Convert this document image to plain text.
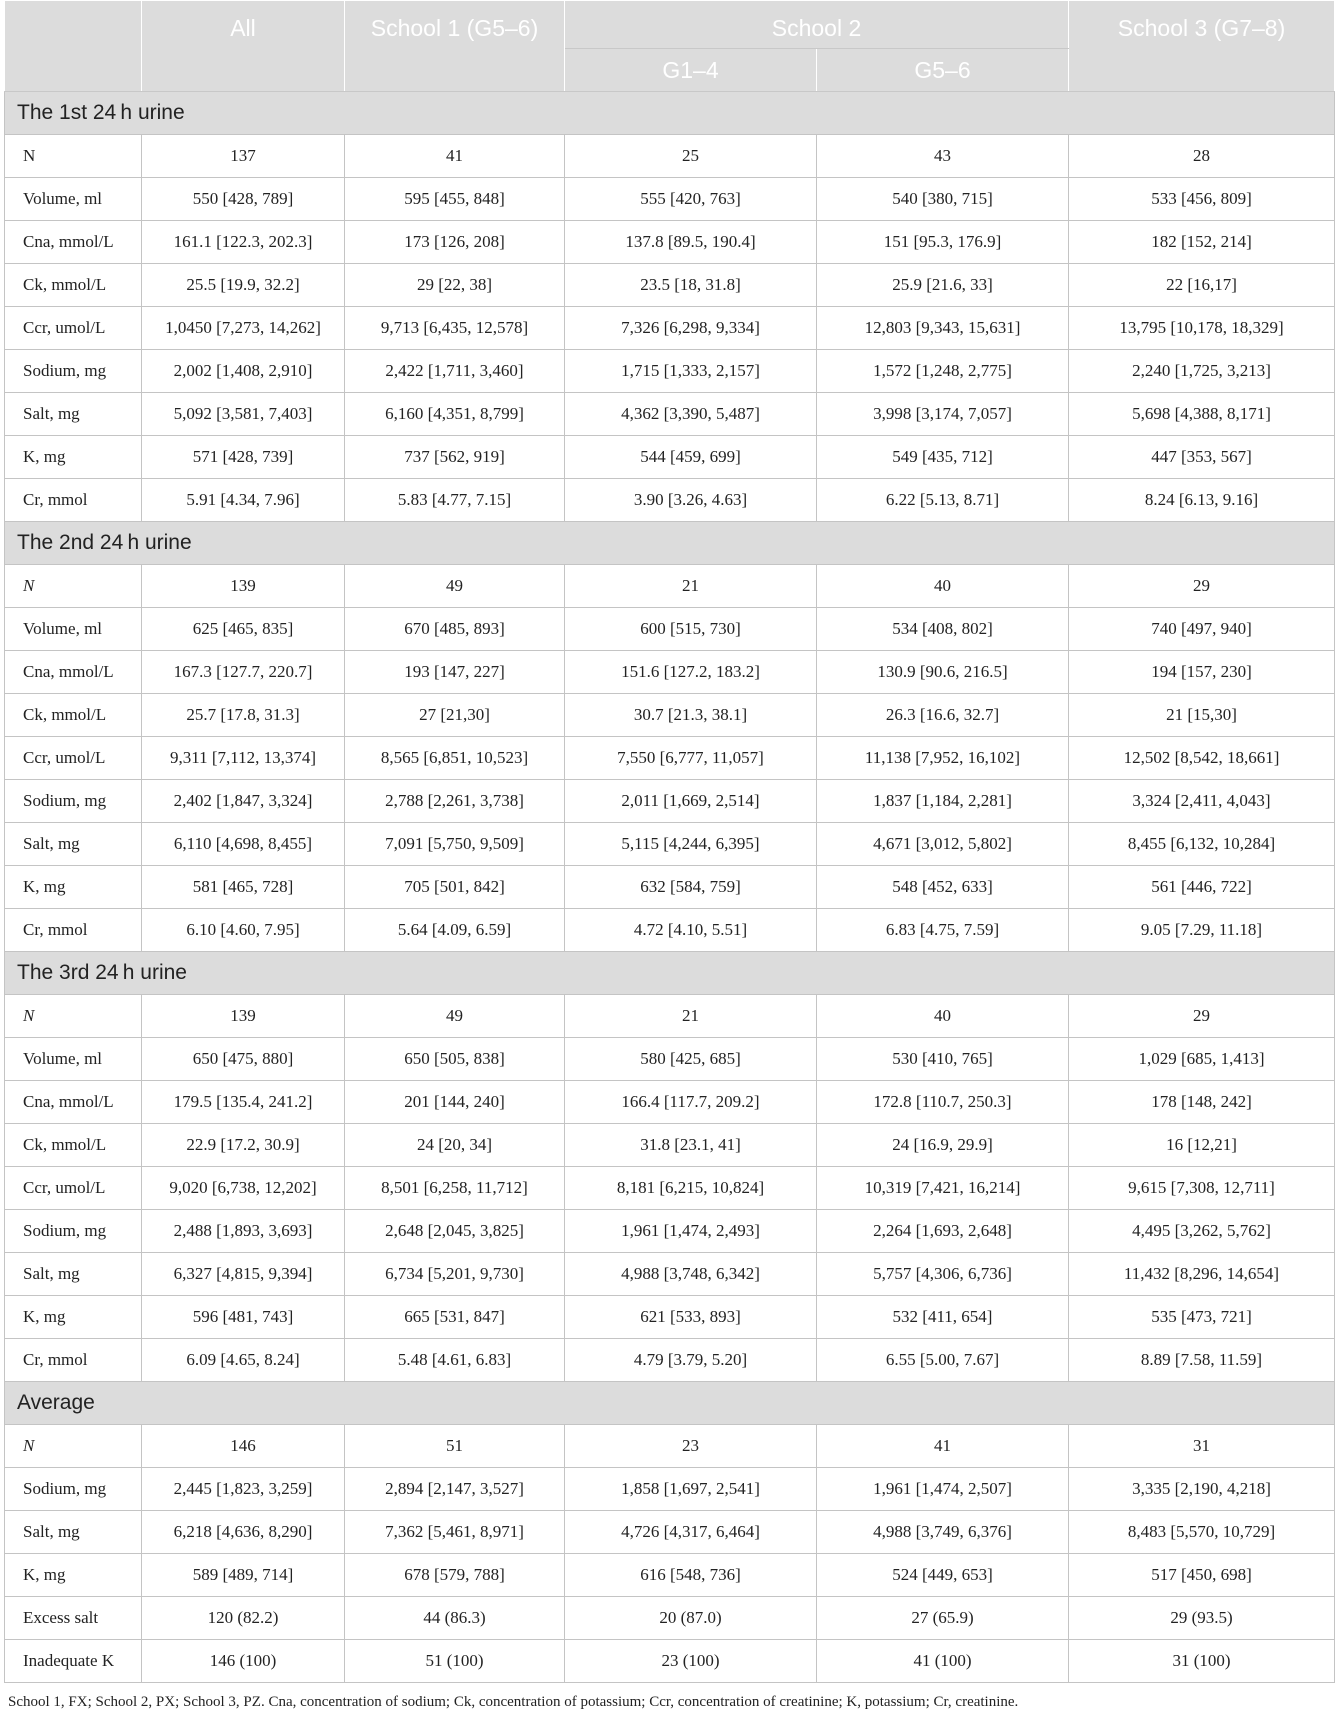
	All	School 1 (G5–6)	School 2		School 3 (G7–8)
			G1–4	G5–6	
The 1st 24 h urine					
N	137	41	25	43	28
Volume, ml	550 [428, 789]	595 [455, 848]	555 [420, 763]	540 [380, 715]	533 [456, 809]
Cna, mmol/L	161.1 [122.3, 202.3]	173 [126, 208]	137.8 [89.5, 190.4]	151 [95.3, 176.9]	182 [152, 214]
Ck, mmol/L	25.5 [19.9, 32.2]	29 [22, 38]	23.5 [18, 31.8]	25.9 [21.6, 33]	22 [16,17]
Ccr, umol/L	1,0450 [7,273, 14,262]	9,713 [6,435, 12,578]	7,326 [6,298, 9,334]	12,803 [9,343, 15,631]	13,795 [10,178, 18,329]
Sodium, mg	2,002 [1,408, 2,910]	2,422 [1,711, 3,460]	1,715 [1,333, 2,157]	1,572 [1,248, 2,775]	2,240 [1,725, 3,213]
Salt, mg	5,092 [3,581, 7,403]	6,160 [4,351, 8,799]	4,362 [3,390, 5,487]	3,998 [3,174, 7,057]	5,698 [4,388, 8,171]
K, mg	571 [428, 739]	737 [562, 919]	544 [459, 699]	549 [435, 712]	447 [353, 567]
Cr, mmol	5.91 [4.34, 7.96]	5.83 [4.77, 7.15]	3.90 [3.26, 4.63]	6.22 [5.13, 8.71]	8.24 [6.13, 9.16]
The 2nd 24 h urine					
N	139	49	21	40	29
Volume, ml	625 [465, 835]	670 [485, 893]	600 [515, 730]	534 [408, 802]	740 [497, 940]
Cna, mmol/L	167.3 [127.7, 220.7]	193 [147, 227]	151.6 [127.2, 183.2]	130.9 [90.6, 216.5]	194 [157, 230]
Ck, mmol/L	25.7 [17.8, 31.3]	27 [21,30]	30.7 [21.3, 38.1]	26.3 [16.6, 32.7]	21 [15,30]
Ccr, umol/L	9,311 [7,112, 13,374]	8,565 [6,851, 10,523]	7,550 [6,777, 11,057]	11,138 [7,952, 16,102]	12,502 [8,542, 18,661]
Sodium, mg	2,402 [1,847, 3,324]	2,788 [2,261, 3,738]	2,011 [1,669, 2,514]	1,837 [1,184, 2,281]	3,324 [2,411, 4,043]
Salt, mg	6,110 [4,698, 8,455]	7,091 [5,750, 9,509]	5,115 [4,244, 6,395]	4,671 [3,012, 5,802]	8,455 [6,132, 10,284]
K, mg	581 [465, 728]	705 [501, 842]	632 [584, 759]	548 [452, 633]	561 [446, 722]
Cr, mmol	6.10 [4.60, 7.95]	5.64 [4.09, 6.59]	4.72 [4.10, 5.51]	6.83 [4.75, 7.59]	9.05 [7.29, 11.18]
The 3rd 24 h urine					
N	139	49	21	40	29
Volume, ml	650 [475, 880]	650 [505, 838]	580 [425, 685]	530 [410, 765]	1,029 [685, 1,413]
Cna, mmol/L	179.5 [135.4, 241.2]	201 [144, 240]	166.4 [117.7, 209.2]	172.8 [110.7, 250.3]	178 [148, 242]
Ck, mmol/L	22.9 [17.2, 30.9]	24 [20, 34]	31.8 [23.1, 41]	24 [16.9, 29.9]	16 [12,21]
Ccr, umol/L	9,020 [6,738, 12,202]	8,501 [6,258, 11,712]	8,181 [6,215, 10,824]	10,319 [7,421, 16,214]	9,615 [7,308, 12,711]
Sodium, mg	2,488 [1,893, 3,693]	2,648 [2,045, 3,825]	1,961 [1,474, 2,493]	2,264 [1,693, 2,648]	4,495 [3,262, 5,762]
Salt, mg	6,327 [4,815, 9,394]	6,734 [5,201, 9,730]	4,988 [3,748, 6,342]	5,757 [4,306, 6,736]	11,432 [8,296, 14,654]
K, mg	596 [481, 743]	665 [531, 847]	621 [533, 893]	532 [411, 654]	535 [473, 721]
Cr, mmol	6.09 [4.65, 8.24]	5.48 [4.61, 6.83]	4.79 [3.79, 5.20]	6.55 [5.00, 7.67]	8.89 [7.58, 11.59]
Average					
N	146	51	23	41	31
Sodium, mg	2,445 [1,823, 3,259]	2,894 [2,147, 3,527]	1,858 [1,697, 2,541]	1,961 [1,474, 2,507]	3,335 [2,190, 4,218]
Salt, mg	6,218 [4,636, 8,290]	7,362 [5,461, 8,971]	4,726 [4,317, 6,464]	4,988 [3,749, 6,376]	8,483 [5,570, 10,729]
K, mg	589 [489, 714]	678 [579, 788]	616 [548, 736]	524 [449, 653]	517 [450, 698]
Excess salt	120 (82.2)	44 (86.3)	20 (87.0)	27 (65.9)	29 (93.5)
Inadequate K	146 (100)	51 (100)	23 (100)	41 (100)	31 (100)
School 1, FX; School 2, PX; School 3, PZ. Cna, concentration of sodium; Ck, concentration of potassium; Ccr, concentration of creatinine; K, potassium; Cr, creatinine.
